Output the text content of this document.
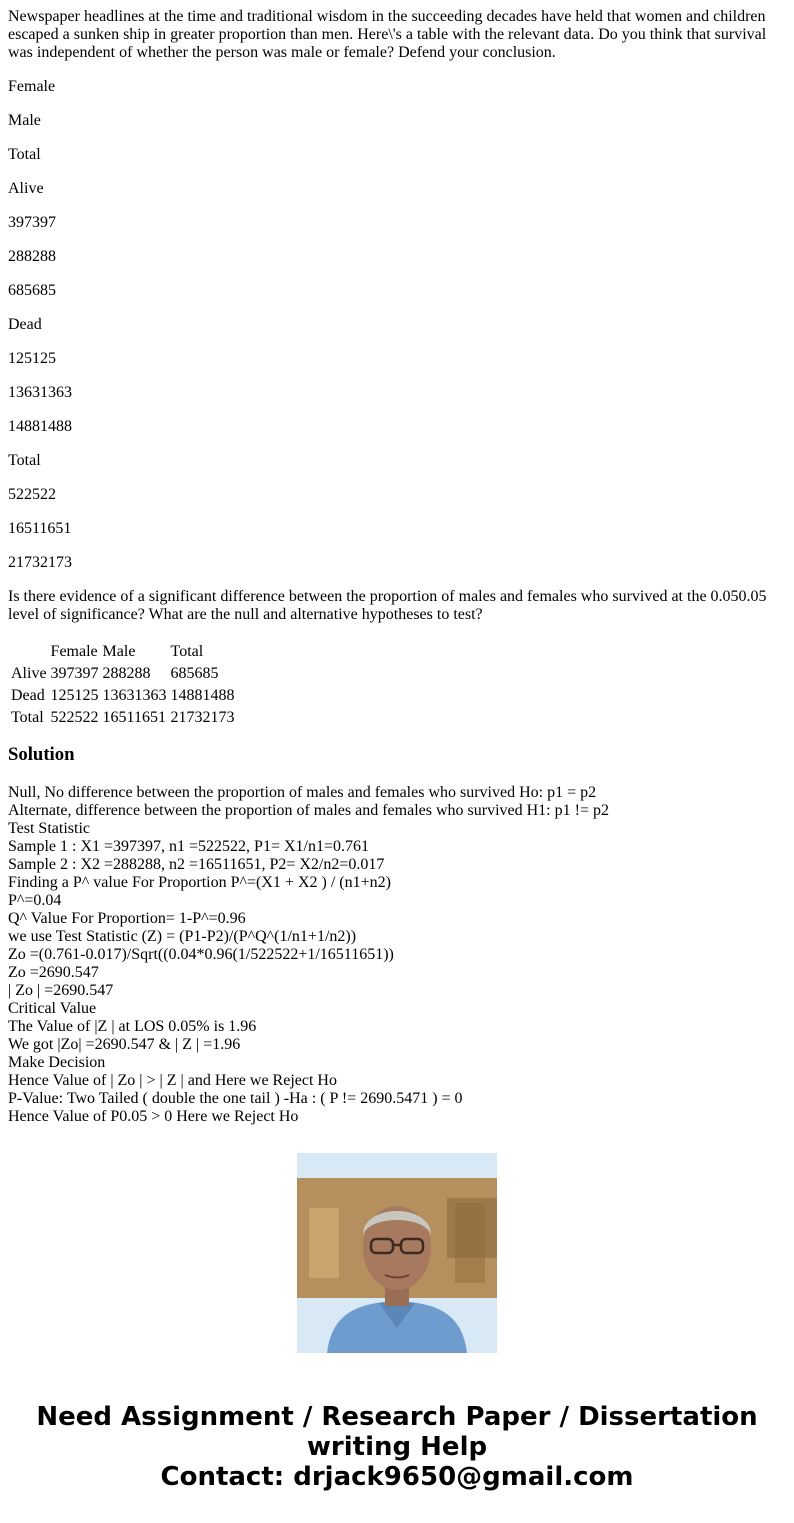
Newspaper headlines at the time and traditional wisdom in the succeeding decades have held that women and children escaped a sunken ship in greater proportion than men. Here\'s a table with the relevant data. Do you think that survival was independent of whether the person was male or female? Defend your conclusion.

Female

Male

Total

Alive

397397

288288

685685

Dead

125125

13631363

14881488

Total

522522

16511651

21732173

Is there evidence of a significant difference between the proportion of males and females who survived at the 0.050.05 level of significance? What are the null and alternative hypotheses to test?

	Female	Male	Total
Alive	397397	288288	685685
Dead	125125	13631363	14881488
Total	522522	16511651	21732173
Solution
Null, No difference between the proportion of males and females who survived Ho: p1 = p2
Alternate, difference between the proportion of males and females who survived H1: p1 != p2
Test Statistic
Sample 1 : X1 =397397, n1 =522522, P1= X1/n1=0.761
Sample 2 : X2 =288288, n2 =16511651, P2= X2/n2=0.017
Finding a P^ value For Proportion P^=(X1 + X2 ) / (n1+n2)
P^=0.04
Q^ Value For Proportion= 1-P^=0.96
we use Test Statistic (Z) = (P1-P2)/(P^Q^(1/n1+1/n2))
Zo =(0.761-0.017)/Sqrt((0.04*0.96(1/522522+1/16511651))
Zo =2690.547
| Zo | =2690.547
Critical Value
The Value of |Z | at LOS 0.05% is 1.96
We got |Zo| =2690.547 & | Z | =1.96
Make Decision
Hence Value of | Zo | > | Z | and Here we Reject Ho
P-Value: Two Tailed ( double the one tail ) -Ha : ( P != 2690.5471 ) = 0
Hence Value of P0.05 > 0 Here we Reject Ho
Need Assignment / Research Paper / Dissertation
writing Help
Contact: drjack9650@gmail.com
